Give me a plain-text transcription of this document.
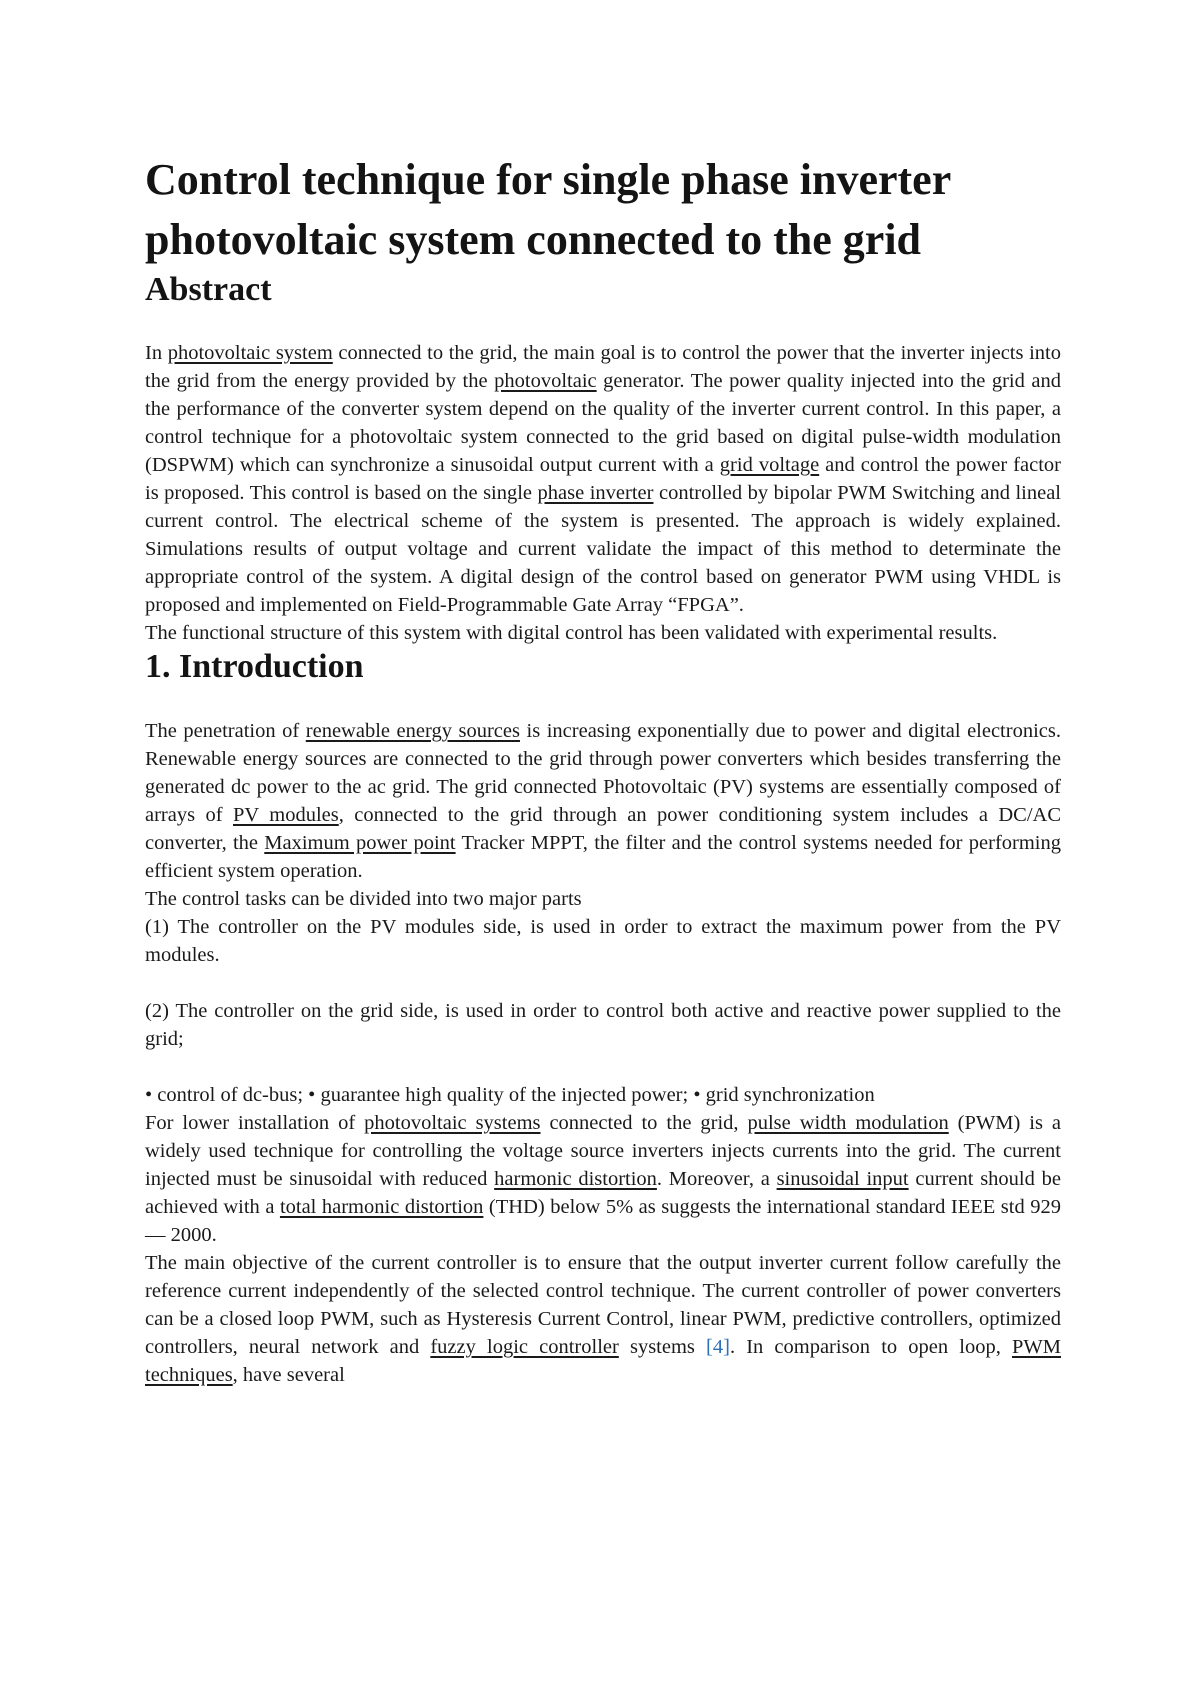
Control technique for single phase inverter photovoltaic system connected to the grid
Abstract

In photovoltaic system connected to the grid, the main goal is to control the power that the inverter injects into the grid from the energy provided by the photovoltaic generator. The power quality injected into the grid and the performance of the converter system depend on the quality of the inverter current control. In this paper, a control technique for a photovoltaic system connected to the grid based on digital pulse-width modulation (DSPWM) which can synchronize a sinusoidal output current with a grid voltage and control the power factor is proposed. This control is based on the single phase inverter controlled by bipolar PWM Switching and lineal current control. The electrical scheme of the system is presented. The approach is widely explained. Simulations results of output voltage and current validate the impact of this method to determinate the appropriate control of the system. A digital design of the control based on generator PWM using VHDL is proposed and implemented on Field-Programmable Gate Array “FPGA”.

The functional structure of this system with digital control has been validated with experimental results.

1. Introduction

The penetration of renewable energy sources is increasing exponentially due to power and digital electronics. Renewable energy sources are connected to the grid through power converters which besides transferring the generated dc power to the ac grid. The grid connected Photovoltaic (PV) systems are essentially composed of arrays of PV modules, connected to the grid through an power conditioning system includes a DC/AC converter, the Maximum power point Tracker MPPT, the filter and the control systems needed for performing efficient system operation.

The control tasks can be divided into two major parts

(1) The controller on the PV modules side, is used in order to extract the maximum power from the PV modules.

(2) The controller on the grid side, is used in order to control both active and reactive power supplied to the grid;

• control of dc-bus; • guarantee high quality of the injected power; • grid synchronization

For lower installation of photovoltaic systems connected to the grid, pulse width modulation (PWM) is a widely used technique for controlling the voltage source inverters injects currents into the grid. The current injected must be sinusoidal with reduced harmonic distortion. Moreover, a sinusoidal input current should be achieved with a total harmonic distortion (THD) below 5% as suggests the international standard IEEE std 929 — 2000.

The main objective of the current controller is to ensure that the output inverter current follow carefully the reference current independently of the selected control technique. The current controller of power converters can be a closed loop PWM, such as Hysteresis Current Control, linear PWM, predictive controllers, optimized controllers, neural network and fuzzy logic controller systems [4]. In comparison to open loop, PWM techniques, have several
